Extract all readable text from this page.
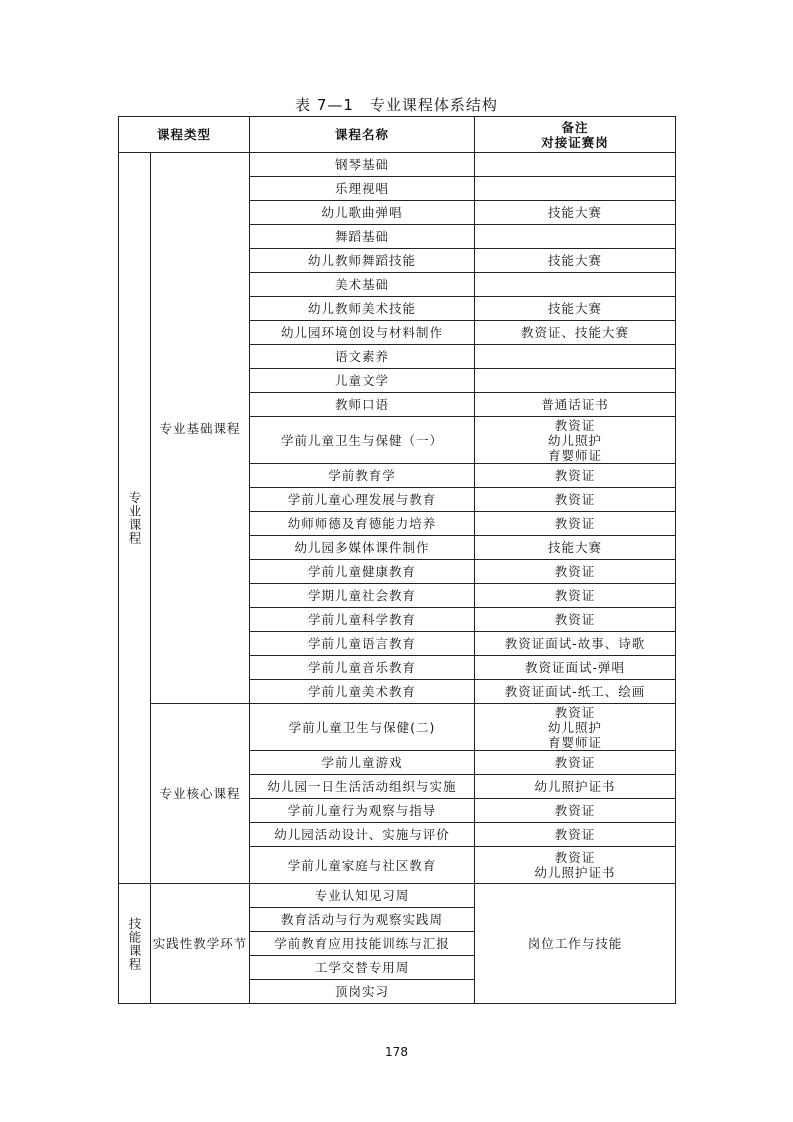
表 7—1　专业课程体系结构
课程类型		课程名称	备注
对接证赛岗

专业课程	专业基础课程	钢琴基础	
		乐理视唱	
		幼儿歌曲弹唱	技能大赛

		舞蹈基础	
		幼儿教师舞蹈技能	技能大赛

		美术基础	
		幼儿教师美术技能	技能大赛

		幼儿园环境创设与材料制作	教资证、技能大赛

		语文素养	
		儿童文学	
		教师口语	普通话证书

		学前儿童卫生与保健（一）	教资证
幼儿照护
育婴师证

		学前教育学	教资证

		学前儿童心理发展与教育	教资证

		幼师师德及育德能力培养	教资证

		幼儿园多媒体课件制作	技能大赛

		学前儿童健康教育	教资证

		学期儿童社会教育	教资证

		学前儿童科学教育	教资证

		学前儿童语言教育	教资证面试-故事、诗歌

		学前儿童音乐教育	教资证面试-弹唱

		学前儿童美术教育	教资证面试-纸工、绘画

	专业核心课程	学前儿童卫生与保健(二)	教资证
幼儿照护
育婴师证

		学前儿童游戏	教资证

		幼儿园一日生活活动组织与实施	幼儿照护证书

		学前儿童行为观察与指导	教资证

		幼儿园活动设计、实施与评价	教资证

		学前儿童家庭与社区教育	教资证
幼儿照护证书

技能课程	实践性教学环节	专业认知见习周	岗位工作与技能
		教育活动与行为观察实践周	
		学前教育应用技能训练与汇报	
		工学交替专用周	
		顶岗实习	
178
